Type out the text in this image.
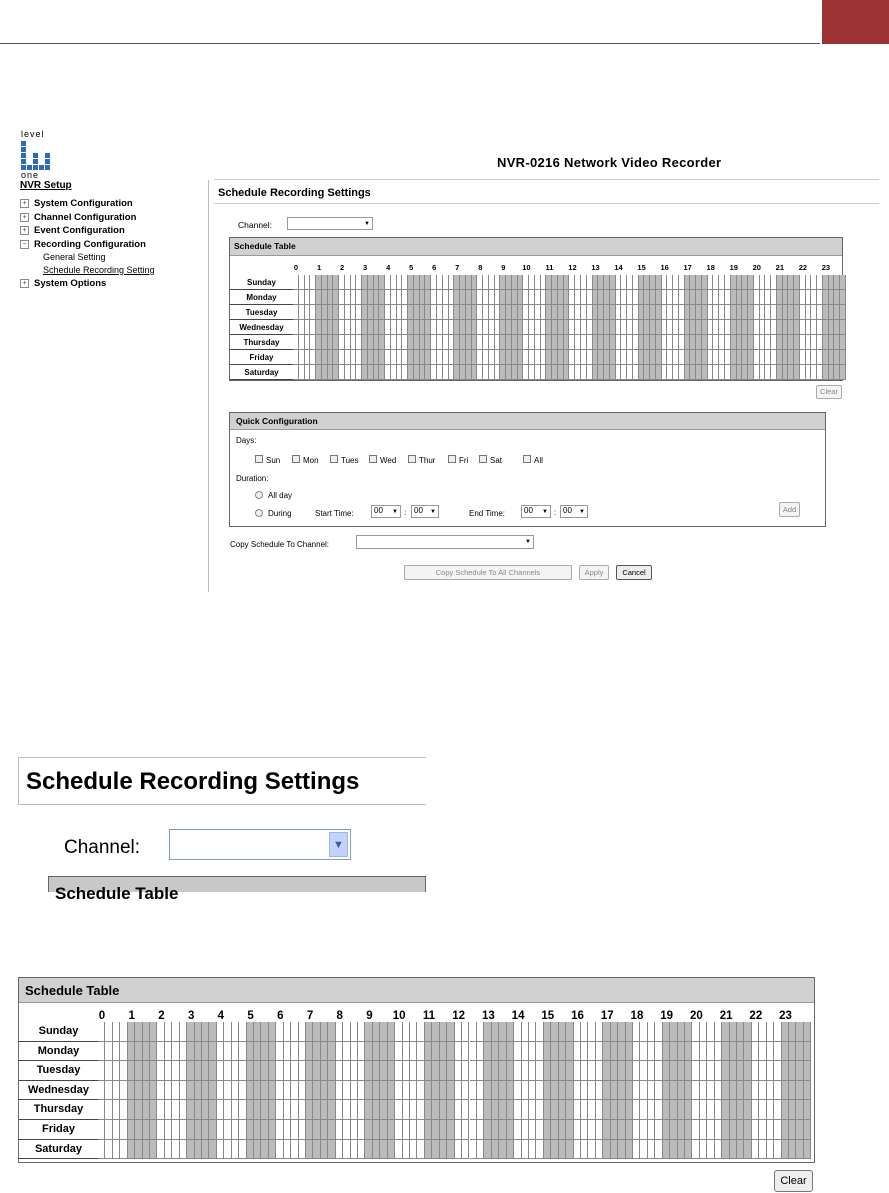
level
one
NVR-0216 Network Video Recorder
NVR Setup
+ System Configuration
+ Channel Configuration
+ Event Configuration
− Recording Configuration
General Setting
Schedule Recording Setting
+ System Options
Schedule Recording Settings
Channel:	▼
Schedule Table
0	1	2	3	4	5	6	7	8	9	10	11	12	13	14	15	16	17	18	19	20	21	22	23
Sunday
Monday
Tuesday
Wednesday
Thursday
Friday
Saturday
Clear
Quick Configuration
Days:
Sun	Mon	Tues	Wed	Thur	Fri	Sat	All
Duration:
All day
During	Start Time:	00 ▼ : 00 ▼	End Time:	00 ▼ : 00 ▼	Add
Copy Schedule To Channel:	▼
Copy Schedule To All Channels	Apply	Cancel
Schedule Recording Settings
Channel:	▼
Schedule Table
Schedule Table
0	1	2	3	4	5	6	7	8	9	10	11	12	13	14	15	16	17	18	19	20	21	22	23
Sunday
Monday
Tuesday
Wednesday
Thursday
Friday
Saturday
Clear
